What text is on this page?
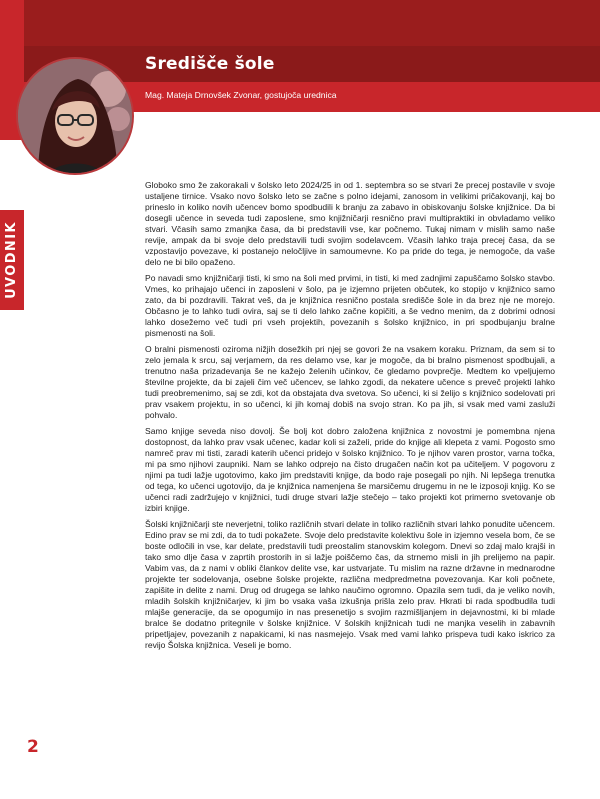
UVODNIK
Središče šole
Mag. Mateja Drnovšek Zvonar, gostujoča urednica

Globoko smo že zakorakali v šolsko leto 2024/25 in od 1. septembra so se stvari že precej postavile v svoje ustaljene tirnice. Vsako novo šolsko leto se začne s polno idejami, zanosom in velikimi pričakovanji, kaj bo prineslo in koliko novih učencev bomo spodbudili k branju za zabavo in obiskovanju šolske knjižnice. Da bi dosegli učence in seveda tudi zaposlene, smo knjižničarji resnično pravi multipraktiki in obvladamo veliko stvari. Včasih samo zmanjka časa, da bi predstavili vse, kar počnemo. Tukaj nimam v mislih samo naše revije, ampak da bi svoje delo predstavili tudi svojim sodelavcem. Včasih lahko traja precej časa, da se vzpostavijo povezave, ki postanejo neločljive in samoumevne. Ko pa pride do tega, je nemogoče, da vaše delo ne bi bilo opaženo.

Po navadi smo knjižničarji tisti, ki smo na šoli med prvimi, in tisti, ki med zadnjimi zapuščamo šolsko stavbo. Vmes, ko prihajajo učenci in zaposleni v šolo, pa je izjemno prijeten občutek, ko stopijo v knjižnico samo zato, da bi pozdravili. Takrat veš, da je knjižnica resnično postala središče šole in da brez nje ne morejo. Občasno je to lahko tudi ovira, saj se ti delo lahko začne kopičiti, a še vedno menim, da z dobrimi odnosi lahko dosežemo več tudi pri vseh projektih, povezanih s šolsko knjižnico, in pri spodbujanju bralne pismenosti na šoli.

O bralni pismenosti oziroma nižjih dosežkih pri njej se govori že na vsakem koraku. Priznam, da sem si to zelo jemala k srcu, saj verjamem, da res delamo vse, kar je mogoče, da bi bralno pismenost spodbujali, a trenutno naša prizadevanja še ne kažejo želenih učinkov, če gledamo povprečje. Medtem ko vpeljujemo številne projekte, da bi zajeli čim več učencev, se lahko zgodi, da nekatere učence s preveč projekti lahko tudi preobremenimo, saj se zdi, kot da obstajata dva svetova. So učenci, ki si želijo s knjižnico sodelovati pri prav vsakem projektu, in so učenci, ki jih komaj dobiš na svojo stran. Ko pa jih, si vsak med vami zasluži pohvalo.

Samo knjige seveda niso dovolj. Še bolj kot dobro založena knjižnica z novostmi je pomembna njena dostopnost, da lahko prav vsak učenec, kadar koli si zaželi, pride do knjige ali klepeta z vami. Pogosto smo namreč prav mi tisti, zaradi katerih učenci pridejo v šolsko knjižnico. To je njihov varen prostor, varna točka, mi pa smo njihovi zaupniki. Nam se lahko odprejo na čisto drugačen način kot pa učiteljem. V pogovoru z njimi pa tudi lažje ugotovimo, kako jim predstaviti knjige, da bodo raje posegali po njih. Ni lepšega trenutka od tega, ko učenci ugotovijo, da je knjižnica namenjena še marsičemu drugemu in ne le izposoji knjig. Ko se učenci radi zadržujejo v knjižnici, tudi druge stvari lažje stečejo – tako projekti kot primerno svetovanje ob izbiri knjige.

Šolski knjižničarji ste neverjetni, toliko različnih stvari delate in toliko različnih stvari lahko ponudite učencem. Edino prav se mi zdi, da to tudi pokažete. Svoje delo predstavite kolektivu šole in izjemno vesela bom, če se boste odločili in vse, kar delate, predstavili tudi preostalim stanovskim kolegom. Dnevi so zdaj malo krajši in tako smo dlje časa v zaprtih prostorih in si lažje poiščemo čas, da strnemo misli in jih prelijemo na papir. Vabim vas, da z nami v obliki člankov delite vse, kar ustvarjate. Tu mislim na razne državne in mednarodne projekte ter sodelovanja, osebne šolske projekte, različna medpredmetna povezovanja. Kar koli počnete, zapišite in delite z nami. Drug od drugega se lahko naučimo ogromno. Opazila sem tudi, da je veliko novih, mladih šolskih knjižničarjev, ki jim bo vsaka vaša izkušnja prišla zelo prav. Hkrati bi rada spodbudila tudi mlajše generacije, da se opogumijo in nas presenetijo s svojim razmišljanjem in dejavnostmi, ki bi mlade bralce še dodatno pritegnile v šolske knjižnice. V šolskih knjižnicah tudi ne manjka veselih in zabavnih pripetljajev, povezanih z napakicami, ki nas nasmejejo. Vsak med vami lahko prispeva tudi kako iskrico za revijo Šolska knjižnica. Veseli je bomo.

2
